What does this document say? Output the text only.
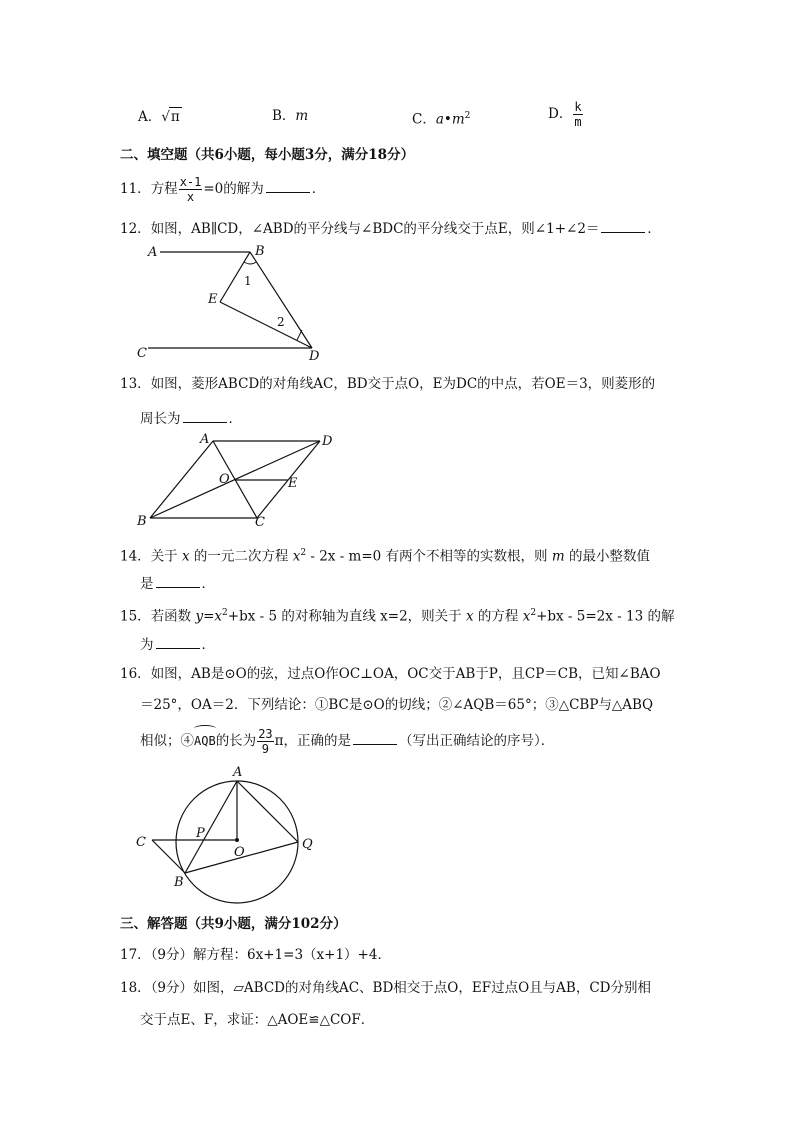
A．√π	B．m	C．$a•m^2$	D． $\frac{k}{m}$
二、填空题（共6小题，每小题3分，满分18分）
11．方程 $\frac{x-1}{x} =0$的解为	．
12．如图，AB∥CD，∠ABD的平分线与∠BDC的平分线交于点E，则∠1+∠2＝	．
A	B
C	D
E
1
2
A	D
B	C
O	E
A
C
P
O
Q
B
13．如图，菱形ABCD的对角线AC，BD交于点O，E为DC的中点，若OE＝3，则菱形的
周长为	．
14．关于 x 的一元二次方程 $x^2 - 2x - m=0$ 有两个不相等的实数根，则 m 的最小整数值
是	．
15．若函数 $y=x^2+bx - 5$ 的对称轴为直线 x=2，则关于 x 的方程 $x^2+bx - 5=2x - 13$ 的解
为	．
16．如图，AB是⊙O的弦，过点O作OC⊥OA，OC交于AB于P，且CP＝CB，已知∠BAO
＝25°，OA＝2．下列结论：①BC是⊙O的切线；②∠AQB＝65°；③△CBP与△ABQ
相似；④
AQB的长为 $\frac{23}{9}$ π，正确的是	（写出正确结论的序号）．
三、解答题（共9小题，满分102分）
17．（9分）解方程：6x+1=3（x+1）+4．
18．（9分）如图，▱ABCD的对角线AC、BD相交于点O，EF过点O且与AB，CD分别相
交于点E、F，求证：△AOE≌△COF．
